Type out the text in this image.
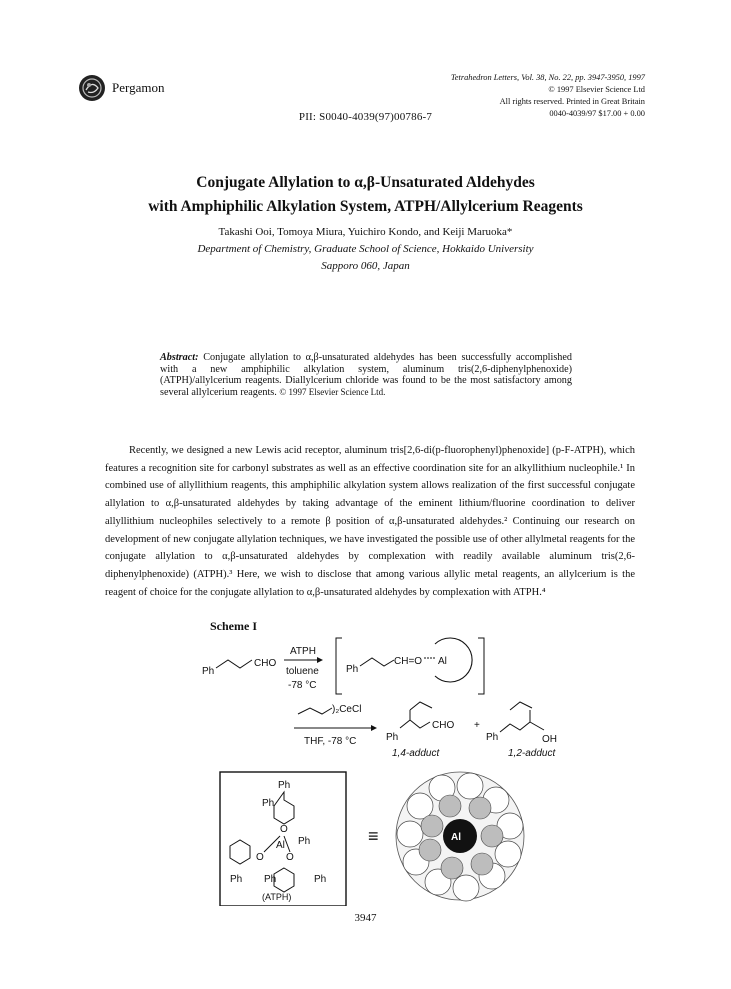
Pergamon
Tetrahedron Letters, Vol. 38, No. 22, pp. 3947-3950, 1997
© 1997 Elsevier Science Ltd
All rights reserved. Printed in Great Britain
0040-4039/97 $17.00 + 0.00
PII: S0040-4039(97)00786-7
Conjugate Allylation to α,β-Unsaturated Aldehydes
with Amphiphilic Alkylation System, ATPH/Allylcerium Reagents
Takashi Ooi, Tomoya Miura, Yuichiro Kondo, and Keiji Maruoka*
Department of Chemistry, Graduate School of Science, Hokkaido University
Sapporo 060, Japan
Abstract: Conjugate allylation to α,β-unsaturated aldehydes has been successfully accomplished with a new amphiphilic alkylation system, aluminum tris(2,6-diphenylphenoxide) (ATPH)/allylcerium reagents. Diallylcerium chloride was found to be the most satisfactory among several allylcerium reagents. © 1997 Elsevier Science Ltd.

Recently, we designed a new Lewis acid receptor, aluminum tris[2,6-di(p-fluorophenyl)phenoxide] (p-F-ATPH), which features a recognition site for carbonyl substrates as well as an effective coordination site for an alkyllithium nucleophile.¹ In combined use of allyllithium reagents, this amphiphilic alkylation system allows realization of the first successful conjugate allylation to α,β-unsaturated aldehydes by taking advantage of the eminent lithium/fluorine coordination to deliver allyllithium nucleophiles selectively to a remote β position of α,β-unsaturated aldehydes.² Continuing our research on development of new conjugate allylation techniques, we have investigated the possible use of other allylmetal reagents for the conjugate allylation to α,β-unsaturated aldehydes by complexation with readily available aluminum tris(2,6-diphenylphenoxide) (ATPH).³ Here, we wish to disclose that among various allylic metal reagents, an allylcerium is the reagent of choice for the conjugate allylation to α,β-unsaturated aldehydes by complexation with ATPH.⁴

Scheme I
Ph
CHO
ATPH
toluene
-78 °C
Ph
CH=O Al
)₂CeCl
THF, -78 °C	Ph
CHO
1,4-adduct
+
Ph	OH
1,2-adduct
Ph
Ph
O
Al Ph
O O
Ph Ph	Ph
(ATPH)
≡	Al
3947
